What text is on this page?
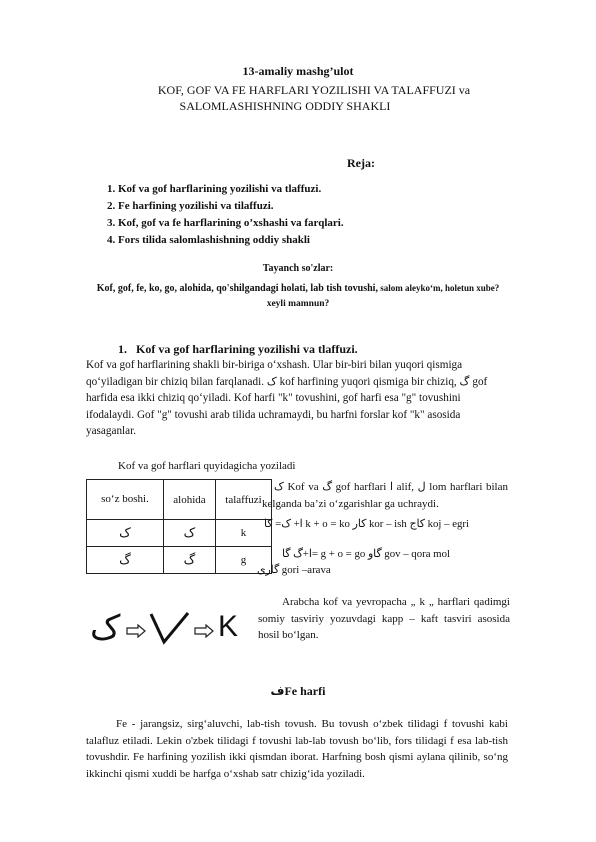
13-amaliy mashg’ulot
KOF, GOF VA FE HARFLARI YOZILISHI VA TALAFFUZI va
SALOMLASHISHNING ODDIY SHAKLI
Reja:
1. Kof va gof harflarining yozilishi va tlaffuzi.
2. Fe harfining yozilishi va tilaffuzi.
3. Kof, gof va fe harflarining o’xshashi va farqlari.
4. Fors tilida salomlashishning oddiy shakli
Tayanch so'zlar:
Kof, gof, fe, ko, go, alohida, qo'shilgandagi holati, lab tish tovushi, salom aleyko‘m, holetun xube?
xeyli mamnun?
1. Kof va gof harflarining yozilishi va tlaffuzi.
Kof va gof harflarining shakli bir-biriga o‘xshash. Ular bir-biri bilan yuqori qismiga qo‘yiladigan bir chiziq bilan farqlanadi. ک kof harfining yuqori qismiga bir chiziq, گ gof harfida esa ikki chiziq qo‘yiladi. Kof harfi "k" tovushini, gof harfi esa "g" tovushini ifodalaydi. Gof "g" tovushi arab tilida uchramaydi, bu harfni forslar kof "k" asosida yasaganlar.
Kof va gof harflari quyidagicha yoziladi
so‘z boshi.	alohida	talaffuzi
ک	ک	k
گ	گ	g
ک Kof va گ gof harflari ا alif, ل lom harflari bilan kelganda ba’zi o‘zgarishlar ga uchraydi.
ا+ ک= کا k + o = ko کار kor – ish کاج koj – egri
ا+گ گا= g + o = go گاو gov – qora mol
گاری gori –arava
Arabcha kof va yevropacha „ k „ harflari qadimgi somiy tasviriy yozuvdagi kapp – kaft tasviri asosida hosil bo‘lgan.
ک	K
فFe harfi
Fe - jarangsiz, sirg‘aluvchi, lab-tish tovush. Bu tovush o‘zbek tilidagi f tovushi kabi talafluz etiladi. Lekin o'zbek tilidagi f tovushi lab-lab tovush bo‘lib, fors tilidagi f esa lab-tish tovushdir. Fe harfining yozilish ikki qismdan iborat. Harfning bosh qismi aylana qilinib, so‘ng ikkinchi qismi xuddi be harfga o‘xshab satr chizig‘ida yoziladi.
